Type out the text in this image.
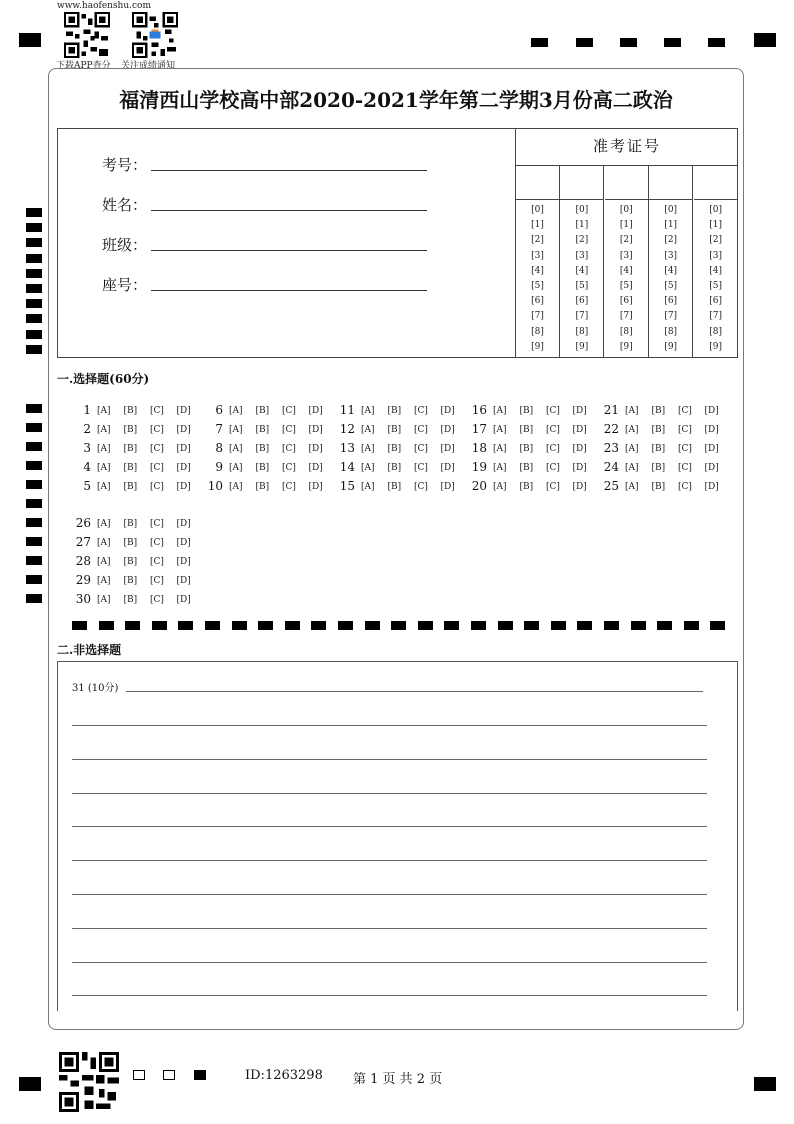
www.haofenshu.com
下载APP查分 关注成绩通知
福清西山学校高中部2020-2021学年第二学期3月份高二政治
考号：
姓名：
班级：
座号：
准考证号
[0]
[1]
[2]
[3]
[4]
[5]
[6]
[7]
[8]
[9]
[0]
[1]
[2]
[3]
[4]
[5]
[6]
[7]
[8]
[9]
[0]
[1]
[2]
[3]
[4]
[5]
[6]
[7]
[8]
[9]
[0]
[1]
[2]
[3]
[4]
[5]
[6]
[7]
[8]
[9]
[0]
[1]
[2]
[3]
[4]
[5]
[6]
[7]
[8]
[9]
一.选择题(60分)
1 [A] [B] [C] [D]
2 [A] [B] [C] [D]
3 [A] [B] [C] [D]
4 [A] [B] [C] [D]
5 [A] [B] [C] [D]
6 [A] [B] [C] [D]
7 [A] [B] [C] [D]
8 [A] [B] [C] [D]
9 [A] [B] [C] [D]
10 [A] [B] [C] [D]
11 [A] [B] [C] [D]
12 [A] [B] [C] [D]
13 [A] [B] [C] [D]
14 [A] [B] [C] [D]
15 [A] [B] [C] [D]
16 [A] [B] [C] [D]
17 [A] [B] [C] [D]
18 [A] [B] [C] [D]
19 [A] [B] [C] [D]
20 [A] [B] [C] [D]
21 [A] [B] [C] [D]
22 [A] [B] [C] [D]
23 [A] [B] [C] [D]
24 [A] [B] [C] [D]
25 [A] [B] [C] [D]
26 [A] [B] [C] [D]
27 [A] [B] [C] [D]
28 [A] [B] [C] [D]
29 [A] [B] [C] [D]
30 [A] [B] [C] [D]
二.非选择题
31 (10分)
ID:1263298 第 1 页 共 2 页
